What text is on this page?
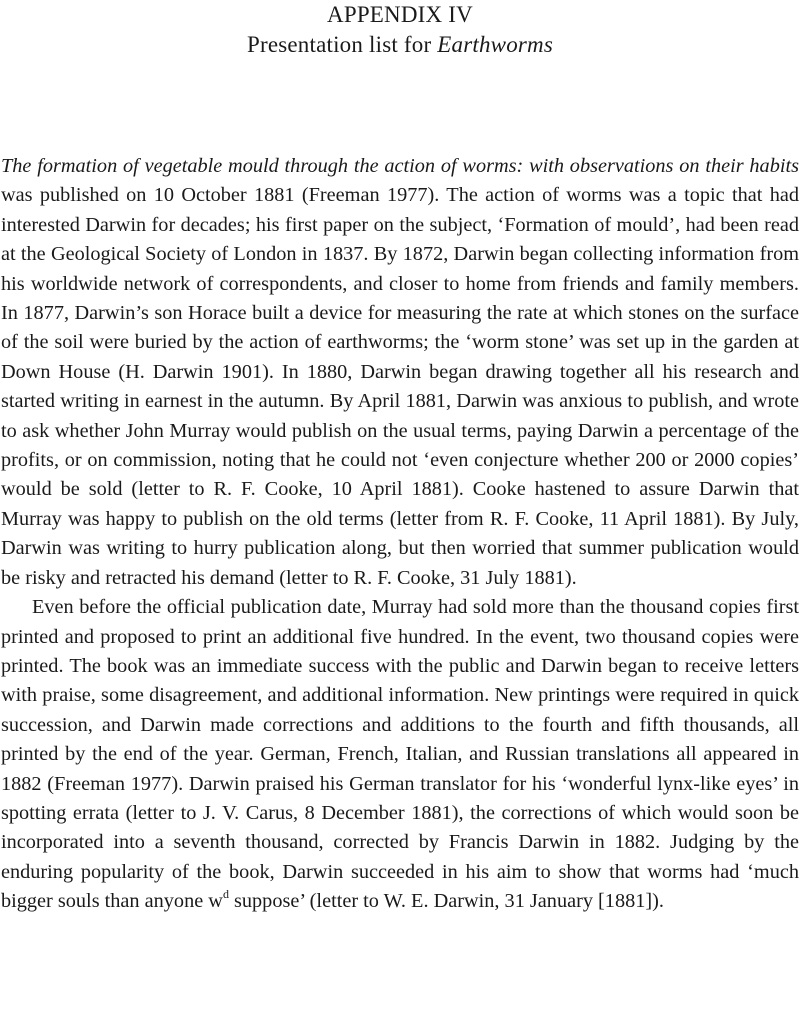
APPENDIX IV
Presentation list for Earthworms

The formation of vegetable mould through the action of worms: with observations on their habits was published on 10 October 1881 (Freeman 1977). The action of worms was a topic that had interested Darwin for decades; his first paper on the subject, ‘Formation of mould’, had been read at the Geological Society of London in 1837. By 1872, Darwin began collecting information from his worldwide network of correspondents, and closer to home from friends and family members. In 1877, Darwin’s son Horace built a device for measuring the rate at which stones on the surface of the soil were buried by the action of earthworms; the ‘worm stone’ was set up in the garden at Down House (H. Darwin 1901). In 1880, Darwin began drawing together all his research and started writing in earnest in the autumn. By April 1881, Darwin was anxious to publish, and wrote to ask whether John Murray would publish on the usual terms, paying Darwin a percentage of the profits, or on commission, noting that he could not ‘even conjecture whether 200 or 2000 copies’ would be sold (letter to R. F. Cooke, 10 April 1881). Cooke hastened to assure Darwin that Murray was happy to publish on the old terms (letter from R. F. Cooke, 11 April 1881). By July, Darwin was writing to hurry publication along, but then worried that summer publication would be risky and retracted his demand (letter to R. F. Cooke, 31 July 1881).

Even before the official publication date, Murray had sold more than the thousand copies first printed and proposed to print an additional five hundred. In the event, two thousand copies were printed. The book was an immediate success with the public and Darwin began to receive letters with praise, some disagreement, and additional information. New printings were required in quick succession, and Darwin made corrections and additions to the fourth and fifth thousands, all printed by the end of the year. German, French, Italian, and Russian translations all appeared in 1882 (Freeman 1977). Darwin praised his German translator for his ‘wonderful lynx-like eyes’ in spotting errata (letter to J. V. Carus, 8 December 1881), the corrections of which would soon be incorporated into a seventh thousand, corrected by Francis Darwin in 1882. Judging by the enduring popularity of the book, Darwin succeeded in his aim to show that worms had ‘much bigger souls than anyone $w^d$ suppose’ (letter to W. E. Darwin, 31 January [1881]).
